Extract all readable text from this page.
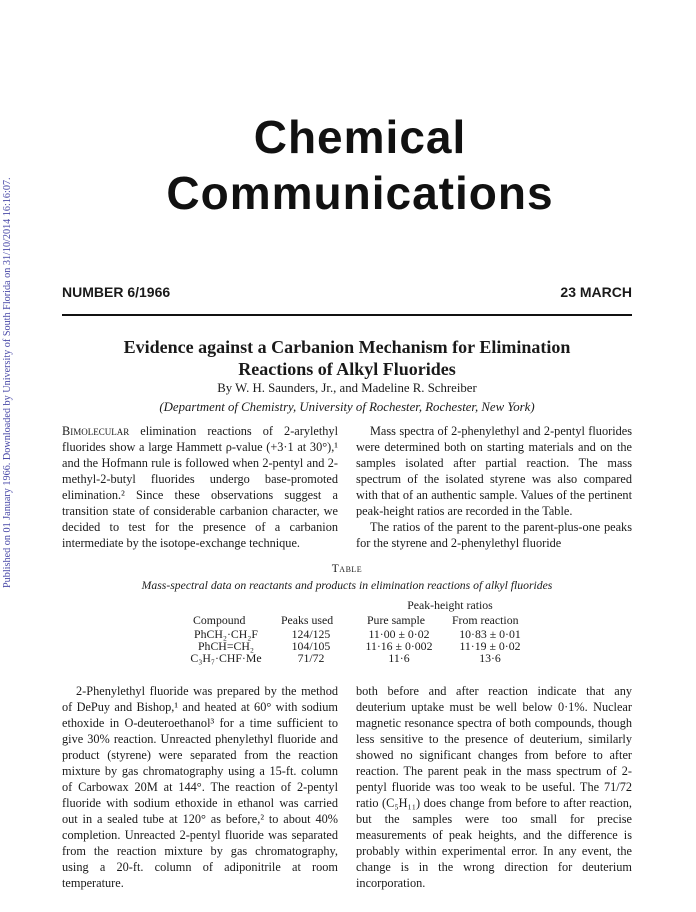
Published on 01 January 1966. Downloaded by University of South Florida on 31/10/2014 16:16:07.
Chemical
Communications
NUMBER 6/1966	23 MARCH
Evidence against a Carbanion Mechanism for Elimination
Reactions of Alkyl Fluorides
By W. H. Saunders, Jr., and Madeline R. Schreiber
(Department of Chemistry, University of Rochester, Rochester, New York)

Bimolecular elimination reactions of 2-arylethyl fluorides show a large Hammett ρ-value (+3·1 at 30°),¹ and the Hofmann rule is followed when 2-pentyl and 2-methyl-2-butyl fluorides undergo base-promoted elimination.² Since these observations suggest a transition state of considerable carbanion character, we decided to test for the presence of a carbanion intermediate by the isotope-exchange technique.

Mass spectra of 2-phenylethyl and 2-pentyl fluorides were determined both on starting materials and on the samples isolated after partial reaction. The mass spectrum of the isolated styrene was also compared with that of an authentic sample. Values of the pertinent peak-height ratios are recorded in the Table.

The ratios of the parent to the parent-plus-one peaks for the styrene and 2-phenylethyl fluoride

Table
Mass-spectral data on reactants and products in elimination reactions of alkyl fluorides
Peak-height ratios
Compound	Peaks used	Pure sample From reaction
PhCH₂·CH₂F	124/125	11·00 ± 0·02	10·83 ± 0·01
PhCH=CH₂	104/105	11·16 ± 0·002	11·19 ± 0·02
C₃H₇·CHF·Me	71/72	11·6	13·6

2-Phenylethyl fluoride was prepared by the method of DePuy and Bishop,¹ and heated at 60° with sodium ethoxide in O-deuteroethanol³ for a time sufficient to give 30% reaction. Unreacted phenylethyl fluoride and product (styrene) were separated from the reaction mixture by gas chromatography using a 15-ft. column of Carbowax 20M at 144°. The reaction of 2-pentyl fluoride with sodium ethoxide in ethanol was carried out in a sealed tube at 120° as before,² to about 40% completion. Unreacted 2-pentyl fluoride was separated from the reaction mixture by gas chromatography, using a 20-ft. column of adiponitrile at room temperature.

both before and after reaction indicate that any deuterium uptake must be well below 0·1%. Nuclear magnetic resonance spectra of both compounds, though less sensitive to the presence of deuterium, similarly showed no significant changes from before to after reaction. The parent peak in the mass spectrum of 2-pentyl fluoride was too weak to be useful. The 71/72 ratio (C₅H₁₁) does change from before to after reaction, but the samples were too small for precise measurements of peak heights, and the difference is probably within experimental error. In any event, the change is in the wrong direction for deuterium incorporation.
